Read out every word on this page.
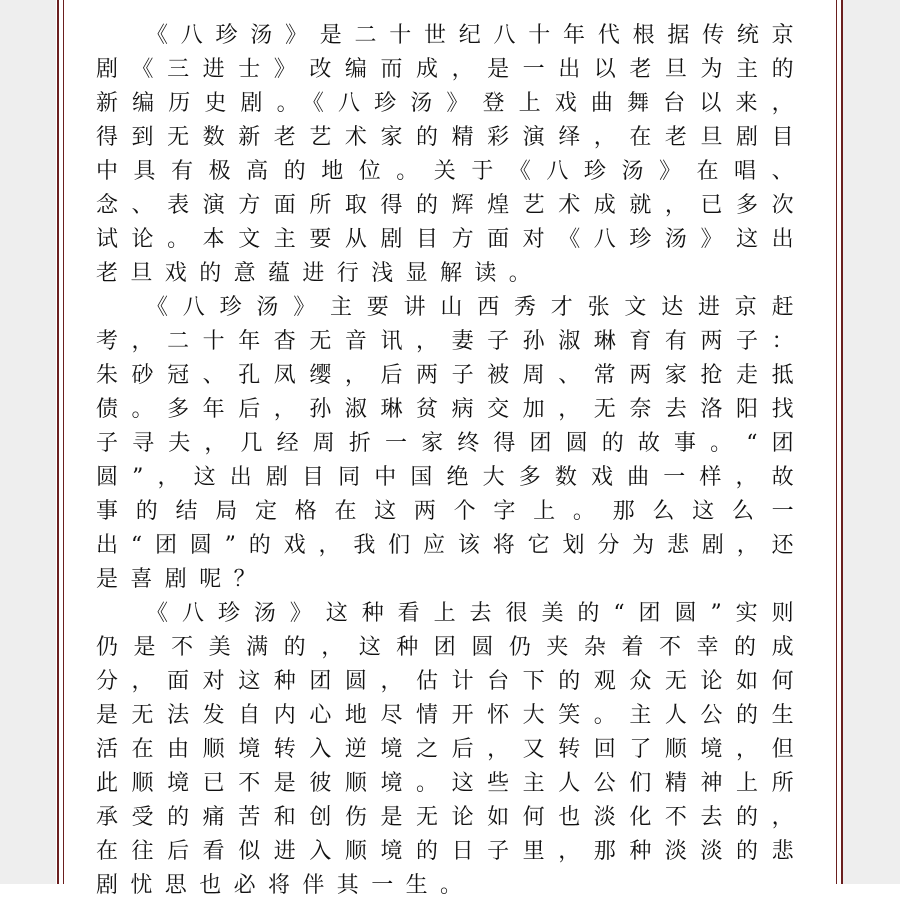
《八珍汤》是二十世纪八十年代根据传统京剧《三进士》改编而成，是一出以老旦为主的新编历史剧。《八珍汤》登上戏曲舞台以来，得到无数新老艺术家的精彩演绎，在老旦剧目中具有极高的地位。关于《八珍汤》在唱、念、表演方面所取得的辉煌艺术成就，已多次试论。本文主要从剧目方面对《八珍汤》这出老旦戏的意蕴进行浅显解读。

《八珍汤》主要讲山西秀才张文达进京赶考，二十年杳无音讯，妻子孙淑琳育有两子：朱砂冠、孔凤缨，后两子被周、常两家抢走抵债。多年后，孙淑琳贫病交加，无奈去洛阳找子寻夫，几经周折一家终得团圆的故事。“团圆”，这出剧目同中国绝大多数戏曲一样，故事的结局定格在这两个字上。那么这么一出“团圆”的戏，我们应该将它划分为悲剧，还是喜剧呢？

《八珍汤》这种看上去很美的“团圆”实则仍是不美满的，这种团圆仍夹杂着不幸的成分，面对这种团圆，估计台下的观众无论如何是无法发自内心地尽情开怀大笑。主人公的生活在由顺境转入逆境之后，又转回了顺境，但此顺境已不是彼顺境。这些主人公们精神上所承受的痛苦和创伤是无论如何也淡化不去的，在往后看似进入顺境的日子里，那种淡淡的悲剧忧思也必将伴其一生。
